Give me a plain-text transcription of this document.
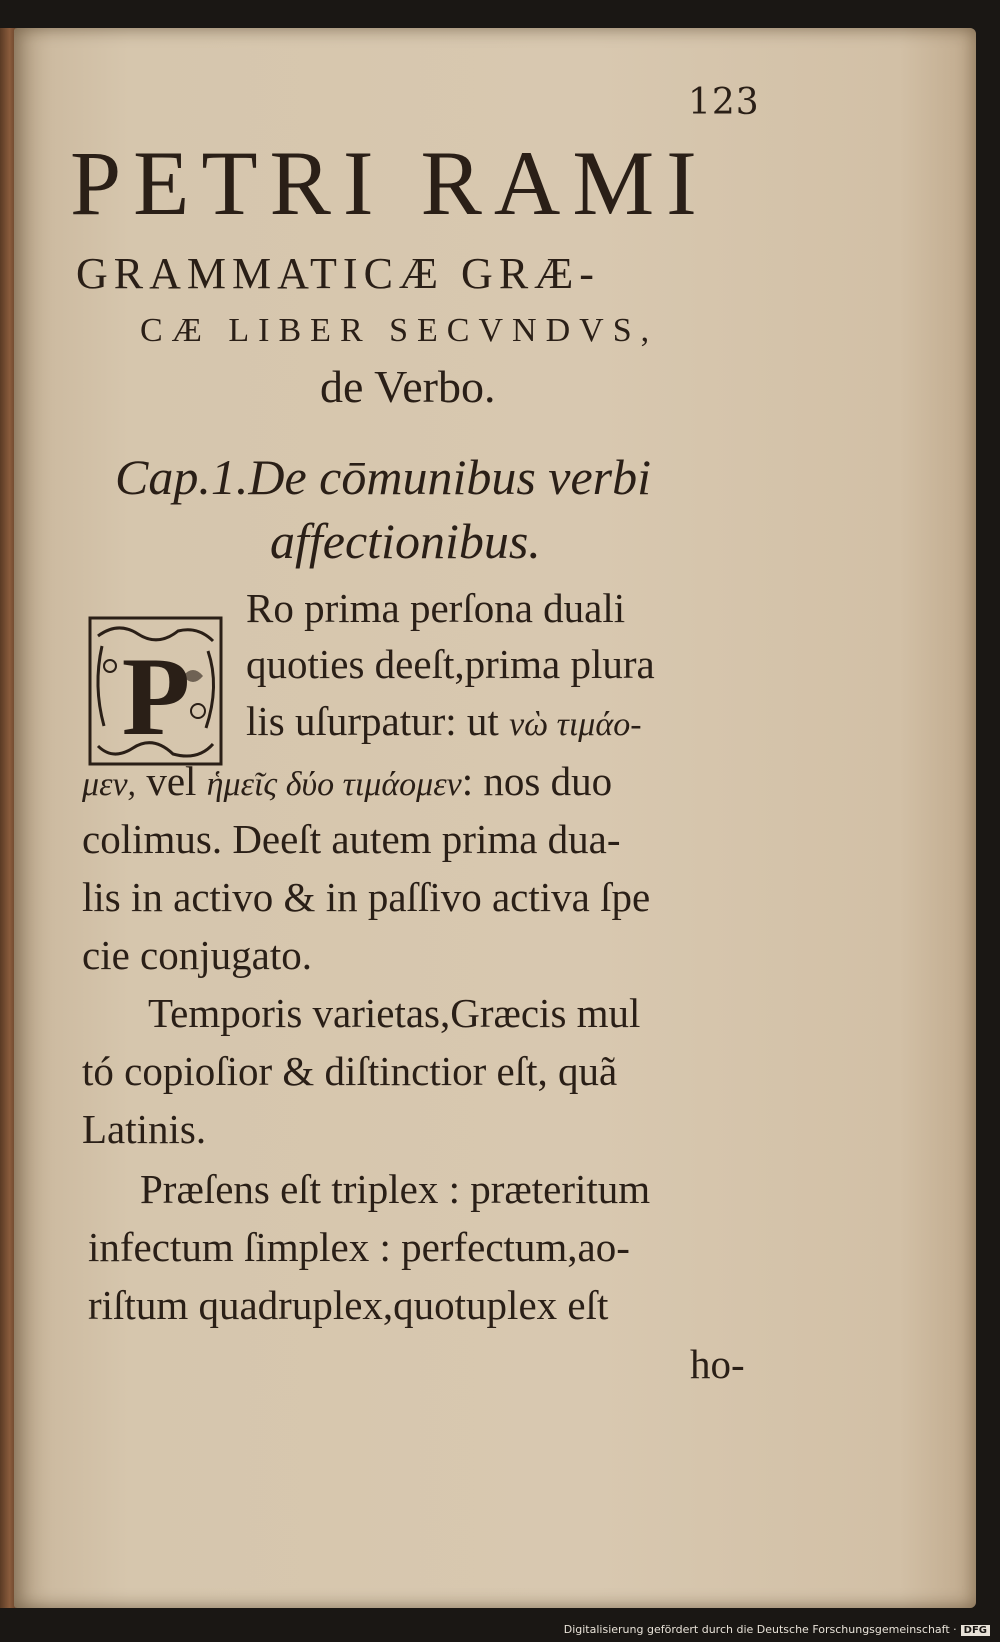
123
PETRI RAMI
GRAMMATICÆ GRÆ-
CÆ LIBER SECVNDVS,
de Verbo.
Cap.1.De cōmunibus verbi
affectionibus.
P
Ro prima perſona duali
quoties deeſt,prima plura
lis uſurpatur: ut νὼ τιμάο-
μεν, vel ἡμεῖς δύο τιμάομεν: nos duo
colimus. Deeſt autem prima dua-
lis in activo & in paſſivo activa ſpe
cie conjugato.
Temporis varietas,Græcis mul
tó copioſior & diſtinctior eſt, quã
Latinis.
Præſens eſt triplex : præteritum
infectum ſimplex : perfectum,ao-
riſtum quadruplex,quotuplex eſt
ho-
Digitalisierung gefördert durch die Deutsche Forschungsgemeinschaft · DFG
